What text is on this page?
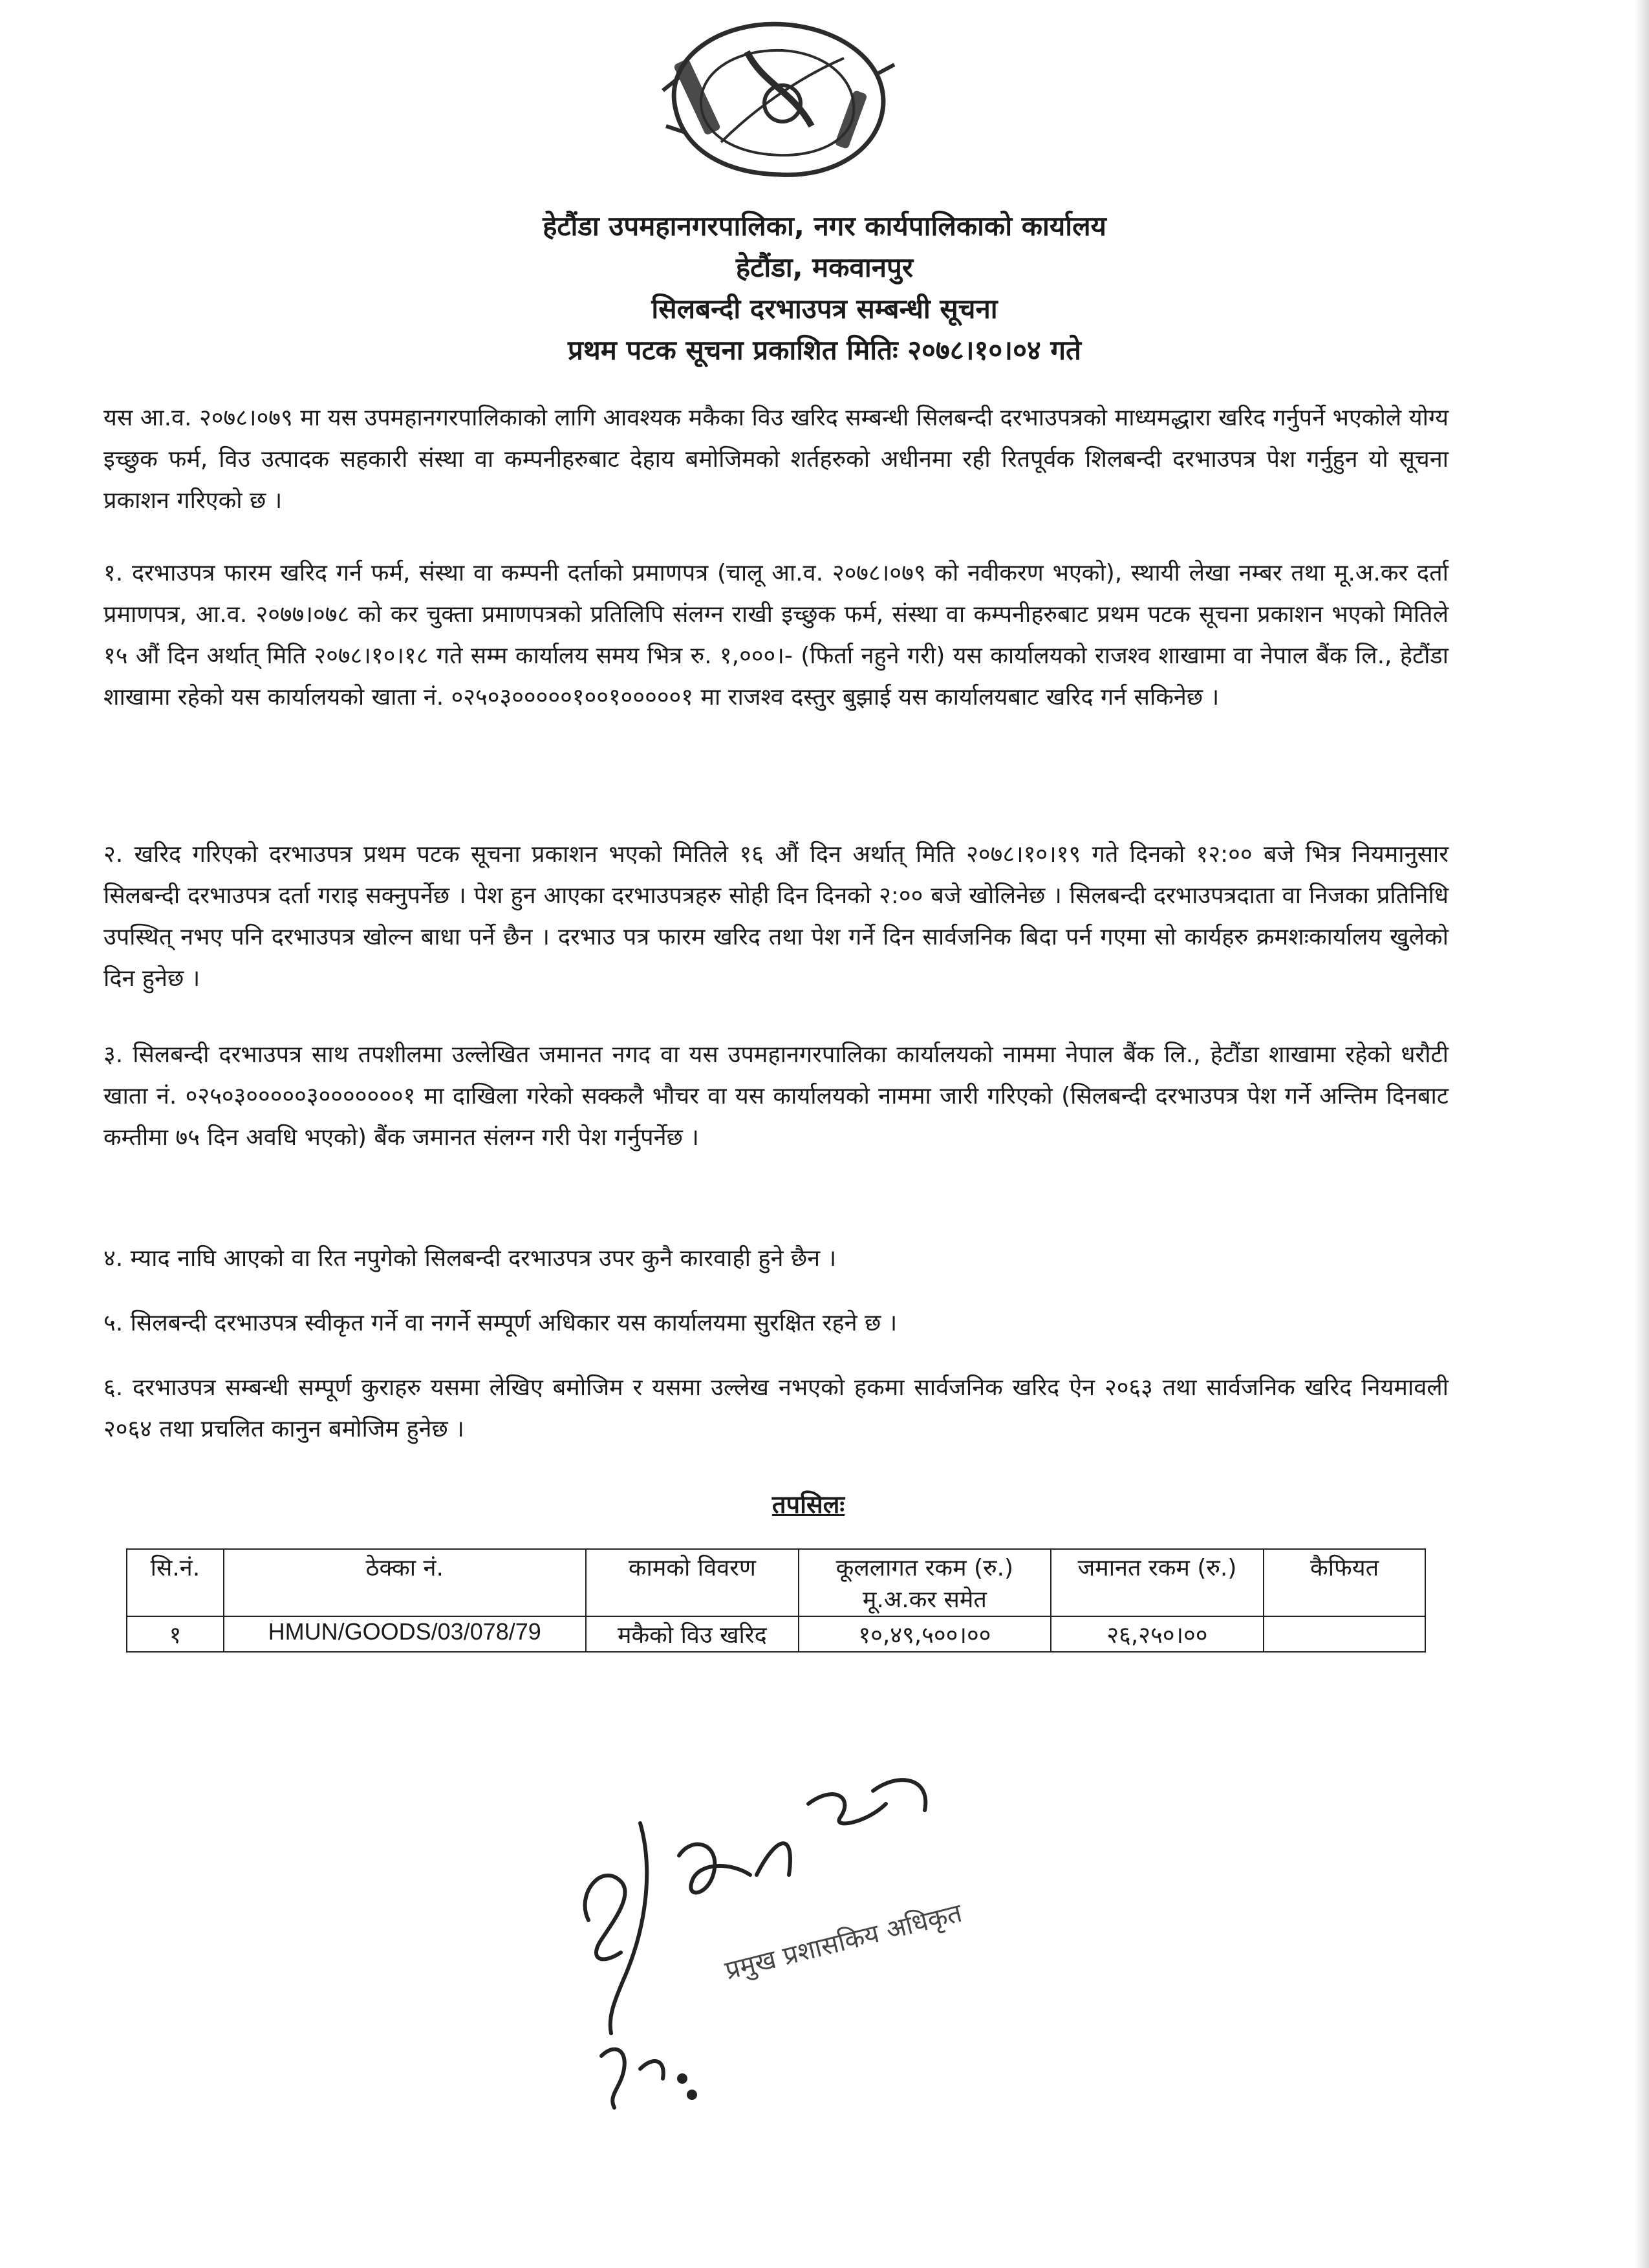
हेटौंडा उपमहानगरपालिका, नगर कार्यपालिकाको कार्यालय
हेटौंडा, मकवानपुर
सिलबन्दी दरभाउपत्र सम्बन्धी सूचना
प्रथम पटक सूचना प्रकाशित मितिः २०७८।१०।०४ गते

यस आ.व. २०७८।०७९ मा यस उपमहानगरपालिकाको लागि आवश्यक मकैका विउ खरिद सम्बन्धी सिलबन्दी दरभाउपत्रको माध्यमद्धारा खरिद गर्नुपर्ने भएकोले योग्य इच्छुक फर्म, विउ उत्पादक सहकारी संस्था वा कम्पनीहरुबाट देहाय बमोजिमको शर्तहरुको अधीनमा रही रितपूर्वक शिलबन्दी दरभाउपत्र पेश गर्नुहुन यो सूचना प्रकाशन गरिएको छ ।

१. दरभाउपत्र फारम खरिद गर्न फर्म, संस्था वा कम्पनी दर्ताको प्रमाणपत्र (चालू आ.व. २०७८।०७९ को नवीकरण भएको), स्थायी लेखा नम्बर तथा मू.अ.कर दर्ता प्रमाणपत्र, आ.व. २०७७।०७८ को कर चुक्ता प्रमाणपत्रको प्रतिलिपि संलग्न राखी इच्छुक फर्म, संस्था वा कम्पनीहरुबाट प्रथम पटक सूचना प्रकाशन भएको मितिले १५ औं दिन अर्थात् मिति २०७८।१०।१८ गते सम्म कार्यालय समय भित्र रु. १,०००।- (फिर्ता नहुने गरी) यस कार्यालयको राजश्व शाखामा वा नेपाल बैंक लि., हेटौंडा शाखामा रहेको यस कार्यालयको खाता नं. ०२५०३०००००१००१०००००१ मा राजश्व दस्तुर बुझाई यस कार्यालयबाट खरिद गर्न सकिनेछ ।

२. खरिद गरिएको दरभाउपत्र प्रथम पटक सूचना प्रकाशन भएको मितिले १६ औं दिन अर्थात् मिति २०७८।१०।१९ गते दिनको १२:०० बजे भित्र नियमानुसार सिलबन्दी दरभाउपत्र दर्ता गराइ सक्नुपर्नेछ । पेश हुन आएका दरभाउपत्रहरु सोही दिन दिनको २:०० बजे खोलिनेछ । सिलबन्दी दरभाउपत्रदाता वा निजका प्रतिनिधि उपस्थित् नभए पनि दरभाउपत्र खोल्न बाधा पर्ने छैन । दरभाउ पत्र फारम खरिद तथा पेश गर्ने दिन सार्वजनिक बिदा पर्न गएमा सो कार्यहरु क्रमशःकार्यालय खुलेको दिन हुनेछ ।

३. सिलबन्दी दरभाउपत्र साथ तपशीलमा उल्लेखित जमानत नगद वा यस उपमहानगरपालिका कार्यालयको नाममा नेपाल बैंक लि., हेटौंडा शाखामा रहेको धरौटी खाता नं. ०२५०३०००००३०००००००१ मा दाखिला गरेको सक्कलै भौचर वा यस कार्यालयको नाममा जारी गरिएको (सिलबन्दी दरभाउपत्र पेश गर्ने अन्तिम दिनबाट कम्तीमा ७५ दिन अवधि भएको) बैंक जमानत संलग्न गरी पेश गर्नुपर्नेछ ।

४. म्याद नाघि आएको वा रित नपुगेको सिलबन्दी दरभाउपत्र उपर कुनै कारवाही हुने छैन ।

५. सिलबन्दी दरभाउपत्र स्वीकृत गर्ने वा नगर्ने सम्पूर्ण अधिकार यस कार्यालयमा सुरक्षित रहने छ ।

६. दरभाउपत्र सम्बन्धी सम्पूर्ण कुराहरु यसमा लेखिए बमोजिम र यसमा उल्लेख नभएको हकमा सार्वजनिक खरिद ऐन २०६३ तथा सार्वजनिक खरिद नियमावली २०६४ तथा प्रचलित कानुन बमोजिम हुनेछ ।

तपसिलः
सि.नं.	ठेक्का नं.	कामको विवरण	कूललागत रकम (रु.) मू.अ.कर समेत	जमानत रकम (रु.)	कैफियत
१	HMUN/GOODS/03/078/79	मकैको विउ खरिद	१०,४९,५००।००	२६,२५०।००	
प्रमुख प्रशासकिय अधिकृत
